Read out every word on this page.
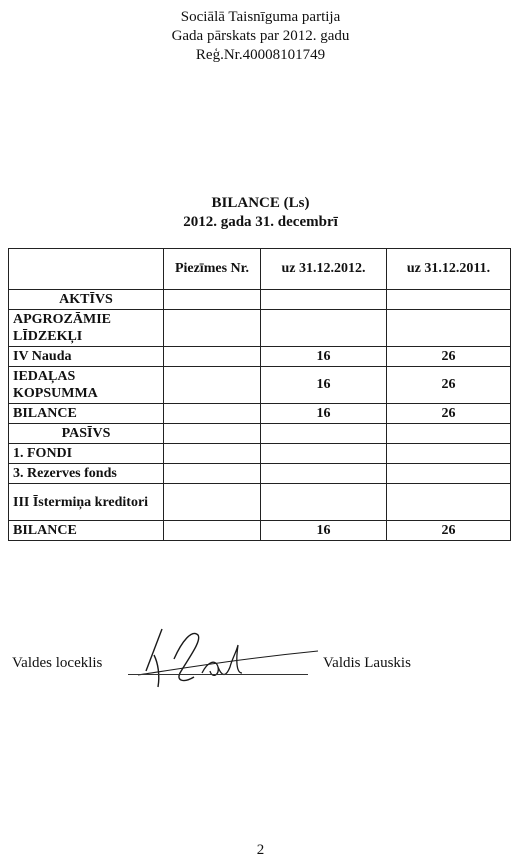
Sociālā Taisnīguma partija
Gada pārskats par 2012. gadu
Reģ.Nr.40008101749
BILANCE (Ls)
2012. gada 31. decembrī
	Piezīmes Nr.	uz 31.12.2012.	uz 31.12.2011.
AKTĪVS			
APGROZĀMIE LĪDZEKĻI			
IV Nauda		16	26
IEDAĻAS KOPSUMMA		16	26
BILANCE		16	26
PASĪVS			
1. FONDI			
3. Rezerves fonds			
III Īstermiņa kreditori			
BILANCE		16	26
Valdes loceklis	Valdis Lauskis
2
